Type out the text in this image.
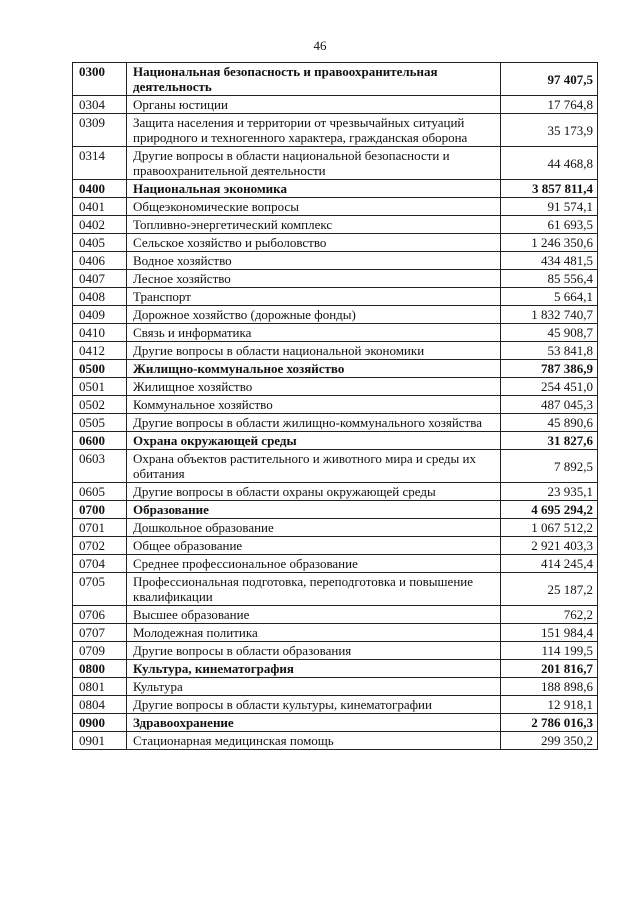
46
0300	Национальная безопасность и правоохранительная деятельность	97 407,5
0304	Органы юстиции	17 764,8
0309	Защита населения и территории от чрезвычайных ситуаций природного и техногенного характера, гражданская оборона	35 173,9
0314	Другие вопросы в области национальной безопасности и правоохранительной деятельности	44 468,8
0400	Национальная экономика	3 857 811,4
0401	Общеэкономические вопросы	91 574,1
0402	Топливно-энергетический комплекс	61 693,5
0405	Сельское хозяйство и рыболовство	1 246 350,6
0406	Водное хозяйство	434 481,5
0407	Лесное хозяйство	85 556,4
0408	Транспорт	5 664,1
0409	Дорожное хозяйство (дорожные фонды)	1 832 740,7
0410	Связь и информатика	45 908,7
0412	Другие вопросы в области национальной экономики	53 841,8
0500	Жилищно-коммунальное хозяйство	787 386,9
0501	Жилищное хозяйство	254 451,0
0502	Коммунальное хозяйство	487 045,3
0505	Другие вопросы в области жилищно-коммунального хозяйства	45 890,6
0600	Охрана окружающей среды	31 827,6
0603	Охрана объектов растительного и животного мира и среды их обитания	7 892,5
0605	Другие вопросы в области охраны окружающей среды	23 935,1
0700	Образование	4 695 294,2
0701	Дошкольное образование	1 067 512,2
0702	Общее образование	2 921 403,3
0704	Среднее профессиональное образование	414 245,4
0705	Профессиональная подготовка, переподготовка и повышение квалификации	25 187,2
0706	Высшее образование	762,2
0707	Молодежная политика	151 984,4
0709	Другие вопросы в области образования	114 199,5
0800	Культура, кинематография	201 816,7
0801	Культура	188 898,6
0804	Другие вопросы в области культуры, кинематографии	12 918,1
0900	Здравоохранение	2 786 016,3
0901	Стационарная медицинская помощь	299 350,2
